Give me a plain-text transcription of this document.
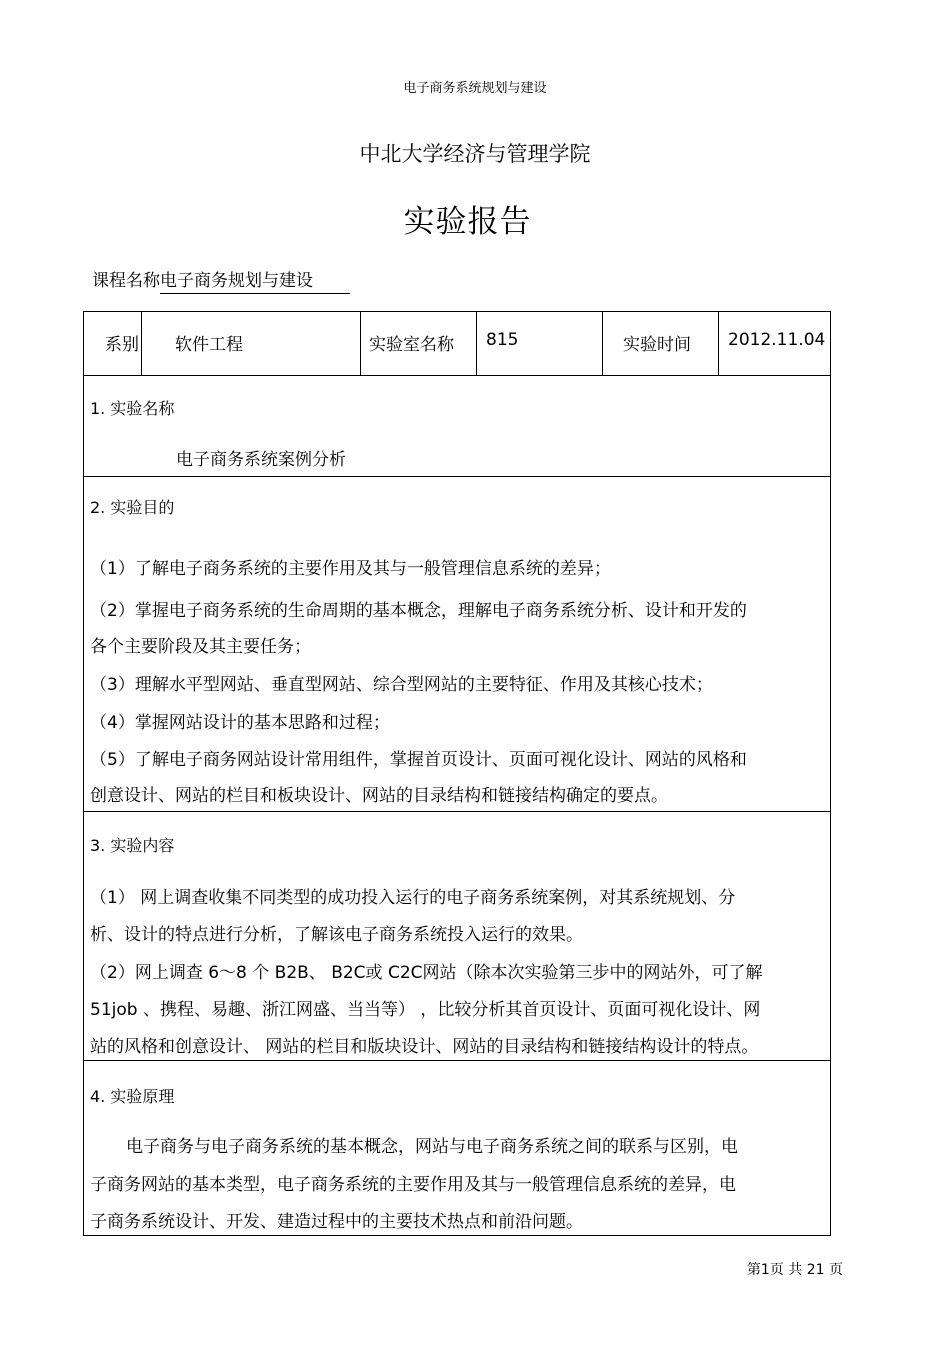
电子商务系统规划与建设
中北大学经济与管理学院
实验报告
课程名称电子商务规划与建设
系别 软件工程	实验室名称 815	实验时间 2012.11.04
1. 实验名称
电子商务系统案例分析
2. 实验目的
（1）了解电子商务系统的主要作用及其与一般管理信息系统的差异；
（2）掌握电子商务系统的生命周期的基本概念，理解电子商务系统分析、设计和开发的
各个主要阶段及其主要任务；
（3）理解水平型网站、垂直型网站、综合型网站的主要特征、作用及其核心技术；
（4）掌握网站设计的基本思路和过程；
（5）了解电子商务网站设计常用组件，掌握首页设计、页面可视化设计、网站的风格和
创意设计、网站的栏目和板块设计、网站的目录结构和链接结构确定的要点。
3. 实验内容
（1） 网上调查收集不同类型的成功投入运行的电子商务系统案例，对其系统规划、分
析、设计的特点进行分析，了解该电子商务系统投入运行的效果。
（2）网上调查 6～8 个 B2B、 B2C或 C2C网站（除本次实验第三步中的网站外，可了解
51job 、携程、易趣、浙江网盛、当当等） ，比较分析其首页设计、页面可视化设计、网
站的风格和创意设计、 网站的栏目和版块设计、网站的目录结构和链接结构设计的特点。
4. 实验原理
电子商务与电子商务系统的基本概念，网站与电子商务系统之间的联系与区别，电
子商务网站的基本类型，电子商务系统的主要作用及其与一般管理信息系统的差异，电
子商务系统设计、开发、建造过程中的主要技术热点和前沿问题。
第1页 共 21 页
